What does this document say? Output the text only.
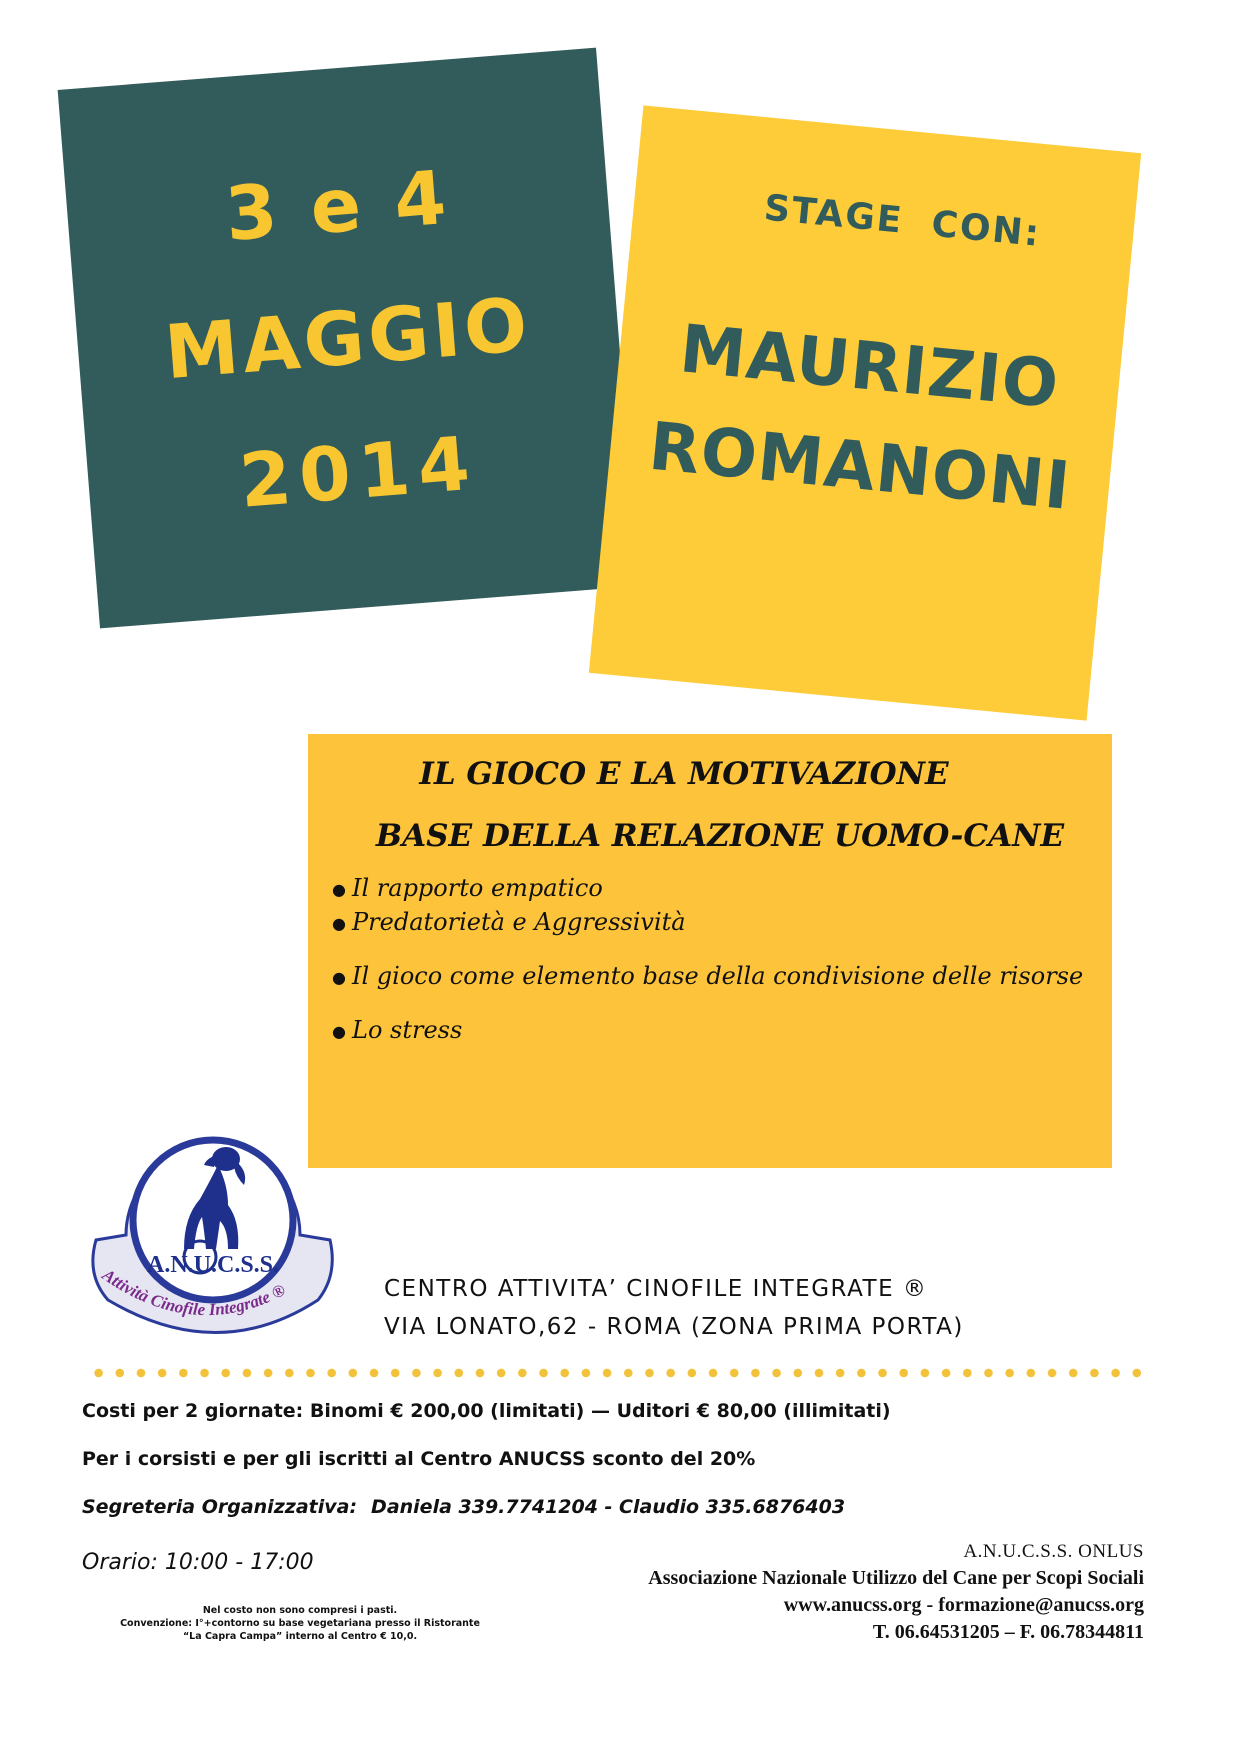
3 e 4
MAGGIO
2014
STAGE CON:
MAURIZIO
ROMANONI
IL GIOCO E LA MOTIVAZIONE
BASE DELLA RELAZIONE UOMO-CANE
● Il rapporto empatico
● Predatorietà e Aggressività
● Il gioco come elemento base della condivisione delle risorse
● Lo stress
A.N.U.C.S.S.
Attività Cinofile Integrate ®	CENTRO ATTIVITA’ CINOFILE INTEGRATE ®
VIA LONATO,62 - ROMA (ZONA PRIMA PORTA)
Costi per 2 giornate: Binomi € 200,00 (limitati) — Uditori € 80,00 (illimitati)
Per i corsisti e per gli iscritti al Centro ANUCSS sconto del 20%
Segreteria Organizzativa: Daniela 339.7741204 - Claudio 335.6876403
Orario: 10:00 - 17:00
Nel costo non sono compresi i pasti.
Convenzione: I°+contorno su base vegetariana presso il Ristorante
“La Capra Campa” interno al Centro € 10,0.
A.N.U.C.S.S. ONLUS
Associazione Nazionale Utilizzo del Cane per Scopi Sociali
www.anucss.org - formazione@anucss.org
T. 06.64531205 – F. 06.78344811
